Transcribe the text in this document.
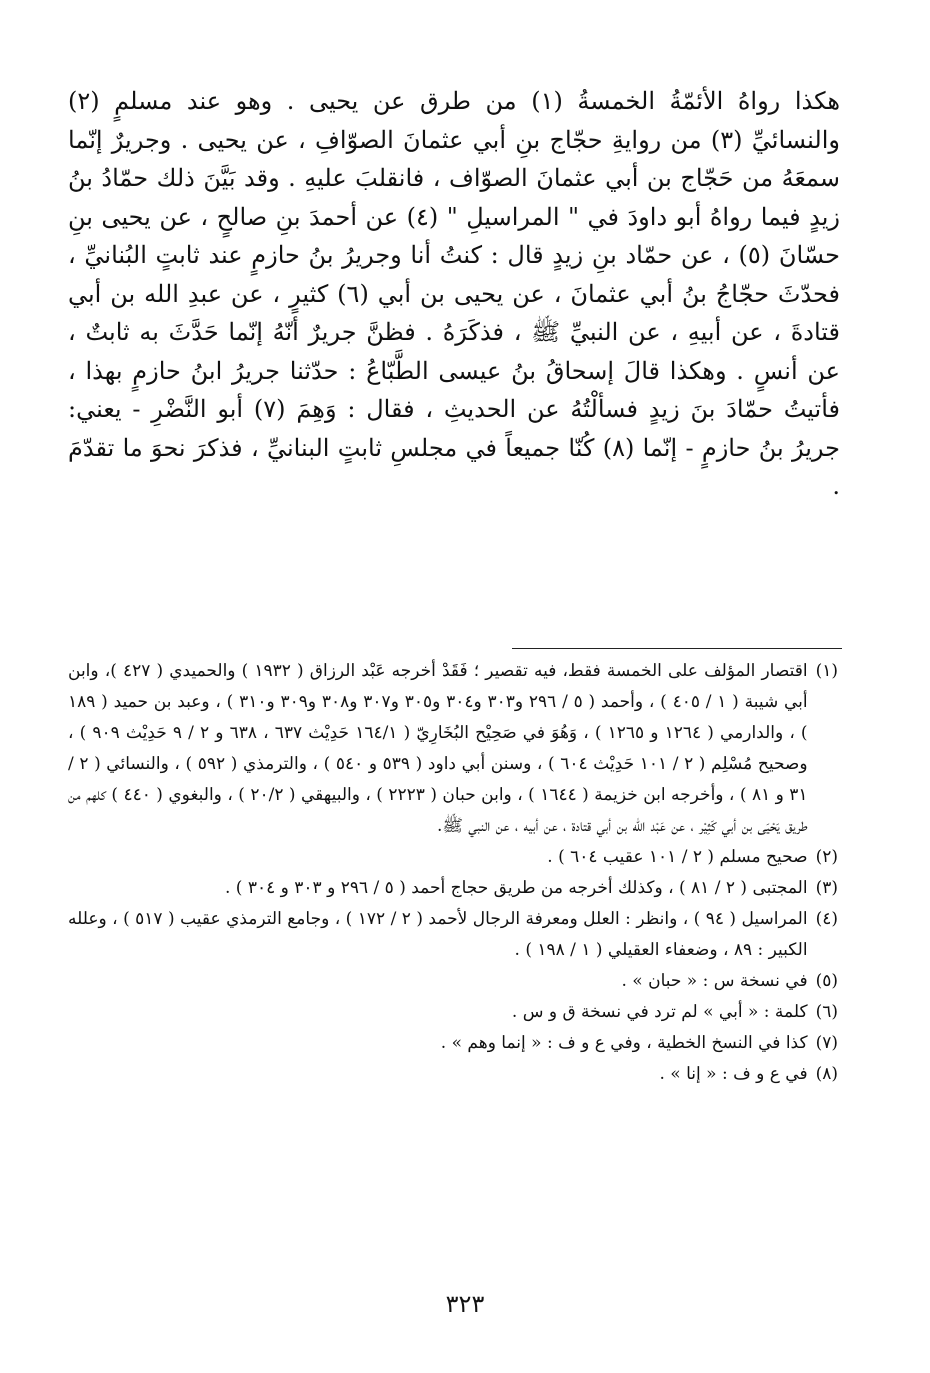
هكذا رواهُ الأئمّةُ الخمسةُ (١) من طرق عن يحيى . وهو عند مسلمٍ (٢) والنسائيِّ (٣) من روايةِ حجّاج بنِ أبي عثمانَ الصوّافِ ، عن يحيى . وجريرٌ إنّما سمعَهُ من حَجّاج بن أبي عثمانَ الصوّاف ، فانقلبَ عليهِ . وقد بَيَّنَ ذلك حمّادُ بنُ زيدٍ فيما رواهُ أبو داودَ في " المراسيلِ " (٤) عن أحمدَ بنِ صالحٍ ، عن يحيى بنِ حسّانَ (٥) ، عن حمّاد بنِ زيدٍ قال : كنتُ أنا وجريرُ بنُ حازمٍ عند ثابتٍ البُنانيِّ ، فحدّثَ حجّاجُ بنُ أبي عثمانَ ، عن يحيى بن أبي (٦) كثيرٍ ، عن عبدِ الله بن أبي قتادةَ ، عن أبيهِ ، عن النبيِّ ﷺ ، فذكَرَهُ . فظنَّ جريرٌ أنّهُ إنّما حَدَّثَ به ثابتٌ ، عن أنسٍ . وهكذا قالَ إسحاقُ بنُ عيسى الطَّبّاعُ : حدّثنا جريرُ ابنُ حازمٍ بهذا ، فأتيتُ حمّادَ بنَ زيدٍ فسألْتُهُ عن الحديثِ ، فقال : وَهِمَ (٧) أبو النَّضْرِ - يعني: جريرُ بنُ حازمٍ - إنّما (٨) كُنّا جميعاً في مجلسِ ثابتٍ البنانيِّ ، فذكرَ نحوَ ما تقدّمَ .

(١)
اقتصار المؤلف على الخمسة فقط، فيه تقصير ؛ فَقَدْ أخرجه عَبْد الرزاق ( ١٩٣٢ ) والحميدي ( ٤٢٧ )، وابن أبي شيبة ( ١ / ٤٠٥ ) ، وأحمد ( ٥ / ٢٩٦ و٣٠٣ و٣٠٤ و٣٠٥ و٣٠٧ و٣٠٨ و٣٠٩ و٣١٠ ) ، وعبد بن حميد ( ١٨٩ ) ، والدارمي ( ١٢٦٤ و ١٢٦٥ ) ، وَهُوَ في صَحِيْح البُخَارِيّ ( ١٦٤/١ حَدِيْث ٦٣٧ ، ٦٣٨ و ٢ / ٩ حَدِيْث ٩٠٩ ) ، وصحيح مُسْلِم ( ٢ / ١٠١ حَدِيْث ٦٠٤ ) ، وسنن أبي داود ( ٥٣٩ و ٥٤٠ ) ، والترمذي ( ٥٩٢ ) ، والنسائي ( ٢ / ٣١ و ٨١ ) ، وأخرجه ابن خزيمة ( ١٦٤٤ ) ، وابن حبان ( ٢٢٢٣ ) ، والبيهقي ( ٢٠/٢ ) ، والبغوي ( ٤٤٠ ) كلهم من طريق يَحْيَى بن أبي كَثِيْر ، عن عَبْد الله بن أبي قتادة ، عن أبيه ، عن النبي ﷺ.
(٢)
صحيح مسلم ( ٢ / ١٠١ عقيب ٦٠٤ ) .
(٣)
المجتبى ( ٢ / ٨١ ) ، وكذلك أخرجه من طريق حجاج أحمد ( ٥ / ٢٩٦ و ٣٠٣ و ٣٠٤ ) .
(٤)
المراسيل ( ٩٤ ) ، وانظر : العلل ومعرفة الرجال لأحمد ( ٢ / ١٧٢ ) ، وجامع الترمذي عقيب ( ٥١٧ ) ، وعلله الكبير : ٨٩ ، وضعفاء العقيلي ( ١ / ١٩٨ ) .
(٥)
في نسخة س : « حبان » .
(٦)
كلمة : « أبي » لم ترد في نسخة ق و س .
(٧)
كذا في النسخ الخطية ، وفي ع و ف : « إنما وهم » .
(٨)
في ع و ف : « إنا » .
٣٢٣
